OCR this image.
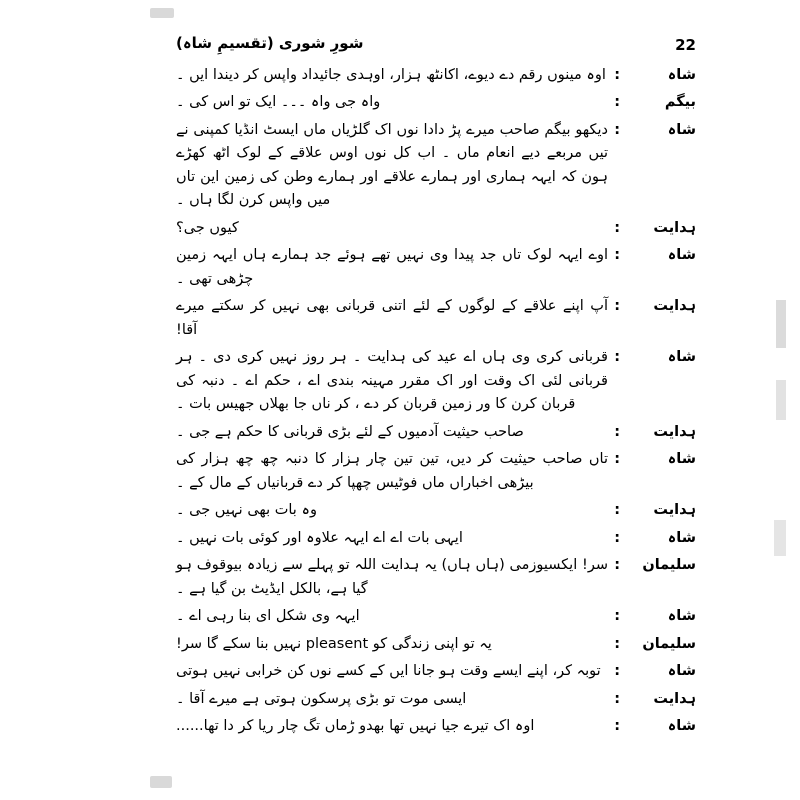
شورِ شوری (تقسیمِ شاہ)	22
شاہ
:
اوہ مینوں رقم دے دیوے، اکانٹھ ہزار، اوہدی جائیداد واپس کر دیندا ایں ۔
بیگم
:
واہ جی واہ ۔۔۔ ایک تو اس کی ۔
شاہ
:
دیکھو بیگم صاحب میرے پڑ دادا نوں اک گلڑیاں ماں ایسٹ انڈیا کمپنی نے تیں مربعے دیے انعام ماں ۔ اب کل نوں اوس علاقے کے لوک اٹھ کھڑے ہون کہ ایہہ ہماری اور ہمارے علاقے اور ہمارے وطن کی زمین این تاں میں واپس کرن لگا ہاں ۔
ہدایت
:
کیوں جی؟
شاہ
:
اوے ایہہ لوک تاں جد پیدا وی نہیں تھے ہوئے جد ہمارے ہاں ایہہ زمین چڑھی تھی ۔
ہدایت
:
آپ اپنے علاقے کے لوگوں کے لئے اتنی قربانی بھی نہیں کر سکتے میرے آقا!
شاہ
:
قربانی کری وی ہاں اے عید کی ہدایت ۔ ہر روز نہیں کری دی ۔ ہر قربانی لئی اک وقت اور اک مقرر مہینہ بندی اے ، حکم اے ۔ دنبہ کی قربان کرن کا ور زمین قربان کر دے ، کر ناں جا بھلاں جھیس بات ۔
ہدایت
:
صاحب حیثیت آدمیوں کے لئے بڑی قربانی کا حکم ہے جی ۔
شاہ
:
تاں صاحب حیثیت کر دیں، تین تین چار ہزار کا دنبہ چھ چھ ہزار کی بیڑھی اخباراں ماں فوٹیس چھپا کر دے قربانیاں کے مال کے ۔
ہدایت
:
وہ بات بھی نہیں جی ۔
شاہ
:
ایہی بات اے اے ایہہ علاوہ اور کوئی بات نہیں ۔
سلیمان
:
سر! ایکسیوزمی (ہاں ہاں) یہ ہدایت اللہ تو پہلے سے زیادہ بیوقوف ہو گیا ہے، بالکل ایڈیٹ بن گیا ہے ۔
شاہ
:
ایہہ وی شکل ای بنا رہی اے ۔
سلیمان
:
یہ تو اپنی زندگی کو pleasent نہیں بنا سکے گا سر!
شاہ
:
توبہ کر، اپنے ایسے وقت ہو جانا ایں کے کسے نوں کن خرابی نہیں ہوتی
ہدایت
:
ایسی موت تو بڑی پرسکون ہوتی ہے میرے آقا ۔
شاہ
:
اوہ اک تیرے جیا نہیں تھا بھدو ڑماں تگ چار ریا کر دا تھا......
